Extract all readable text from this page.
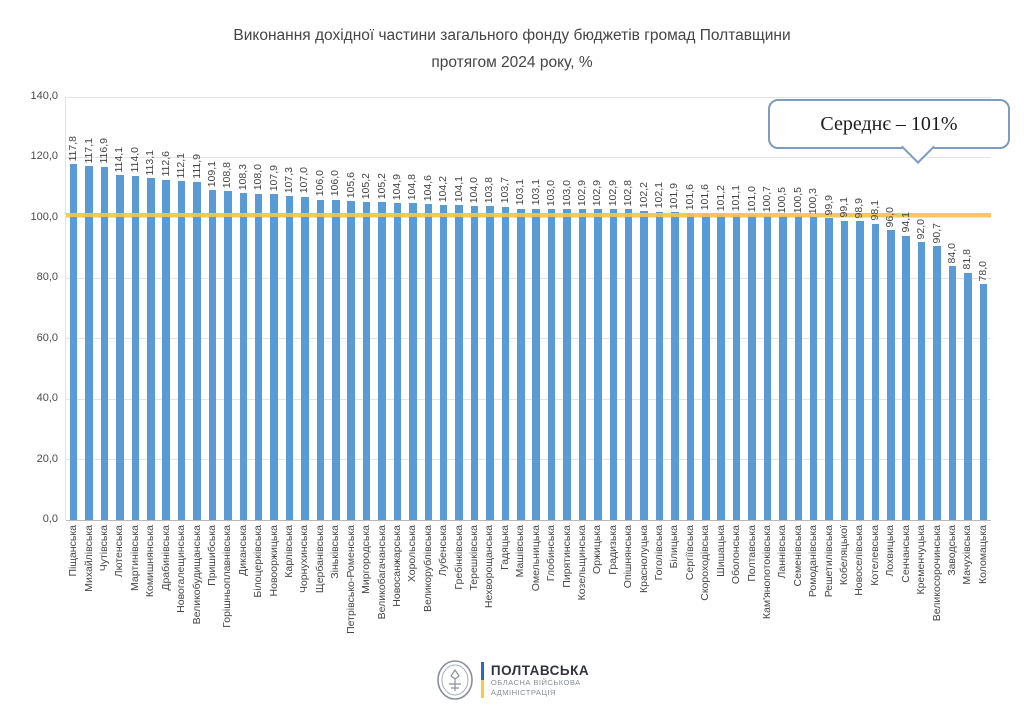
Виконання дохідної частини загального фонду бюджетів громад Полтавщини
протягом 2024 року, %
0,0
20,0
40,0
60,0
80,0
100,0
120,0
140,0
117,8
Піщанська
117,1
Михайлівська
116,9
Чутівська
114,1
Лютенська
114,0
Мартинівська
113,1
Комишнянська
112,6
Драбинівська
112,1
Новогалещинська
111,9
Великобудищанська
109,1
Пришибська
108,8
Горішньоплавнівська
108,3
Диканська
108,0
Білоцерківська
107,9
Новооржицька
107,3
Карлівська
107,0
Чорнухинська
106,0
Щербанівська
106,0
Зіньківська
105,6
Петрівсько-Роменська
105,2
Миргородська
105,2
Великобагачанська
104,9
Новосанжарська
104,8
Хорольська
104,6
Великорублівська
104,2
Лубенська
104,1
Гребінківська
104,0
Терешківська
103,8
Нехворощанська
103,7
Гадяцька
103,1
Машівська
103,1
Омельницька
103,0
Глобинська
103,0
Пирятинська
102,9
Козельщинська
102,9
Оржицька
102,9
Градизька
102,8
Опішнянська
102,2
Краснолуцька
102,1
Гоголівська
101,9
Білицька
101,6
Сергіївська
101,6
Скороходівська
101,2
Шишацька
101,1
Оболонська
101,0
Полтавська
100,7
Кам'янопотоківська
100,5
Ланнівська
100,5
Семенівська
100,3
Ромоданівська
99,9
Решетилівська
99,1
Кобеляцької
98,9
Новоселівська
98,1
Котелевська
96,0
Лохвицька
94,1
Сенчанська
92,0
Кременчуцька
90,7
Великосорочинська
84,0
Заводська
81,8
Мачухівська
78,0
Коломацька
Середнє – 101%
ПОЛТАВСЬКА
ОБЛАСНА ВІЙСЬКОВА
АДМІНІСТРАЦІЯ
